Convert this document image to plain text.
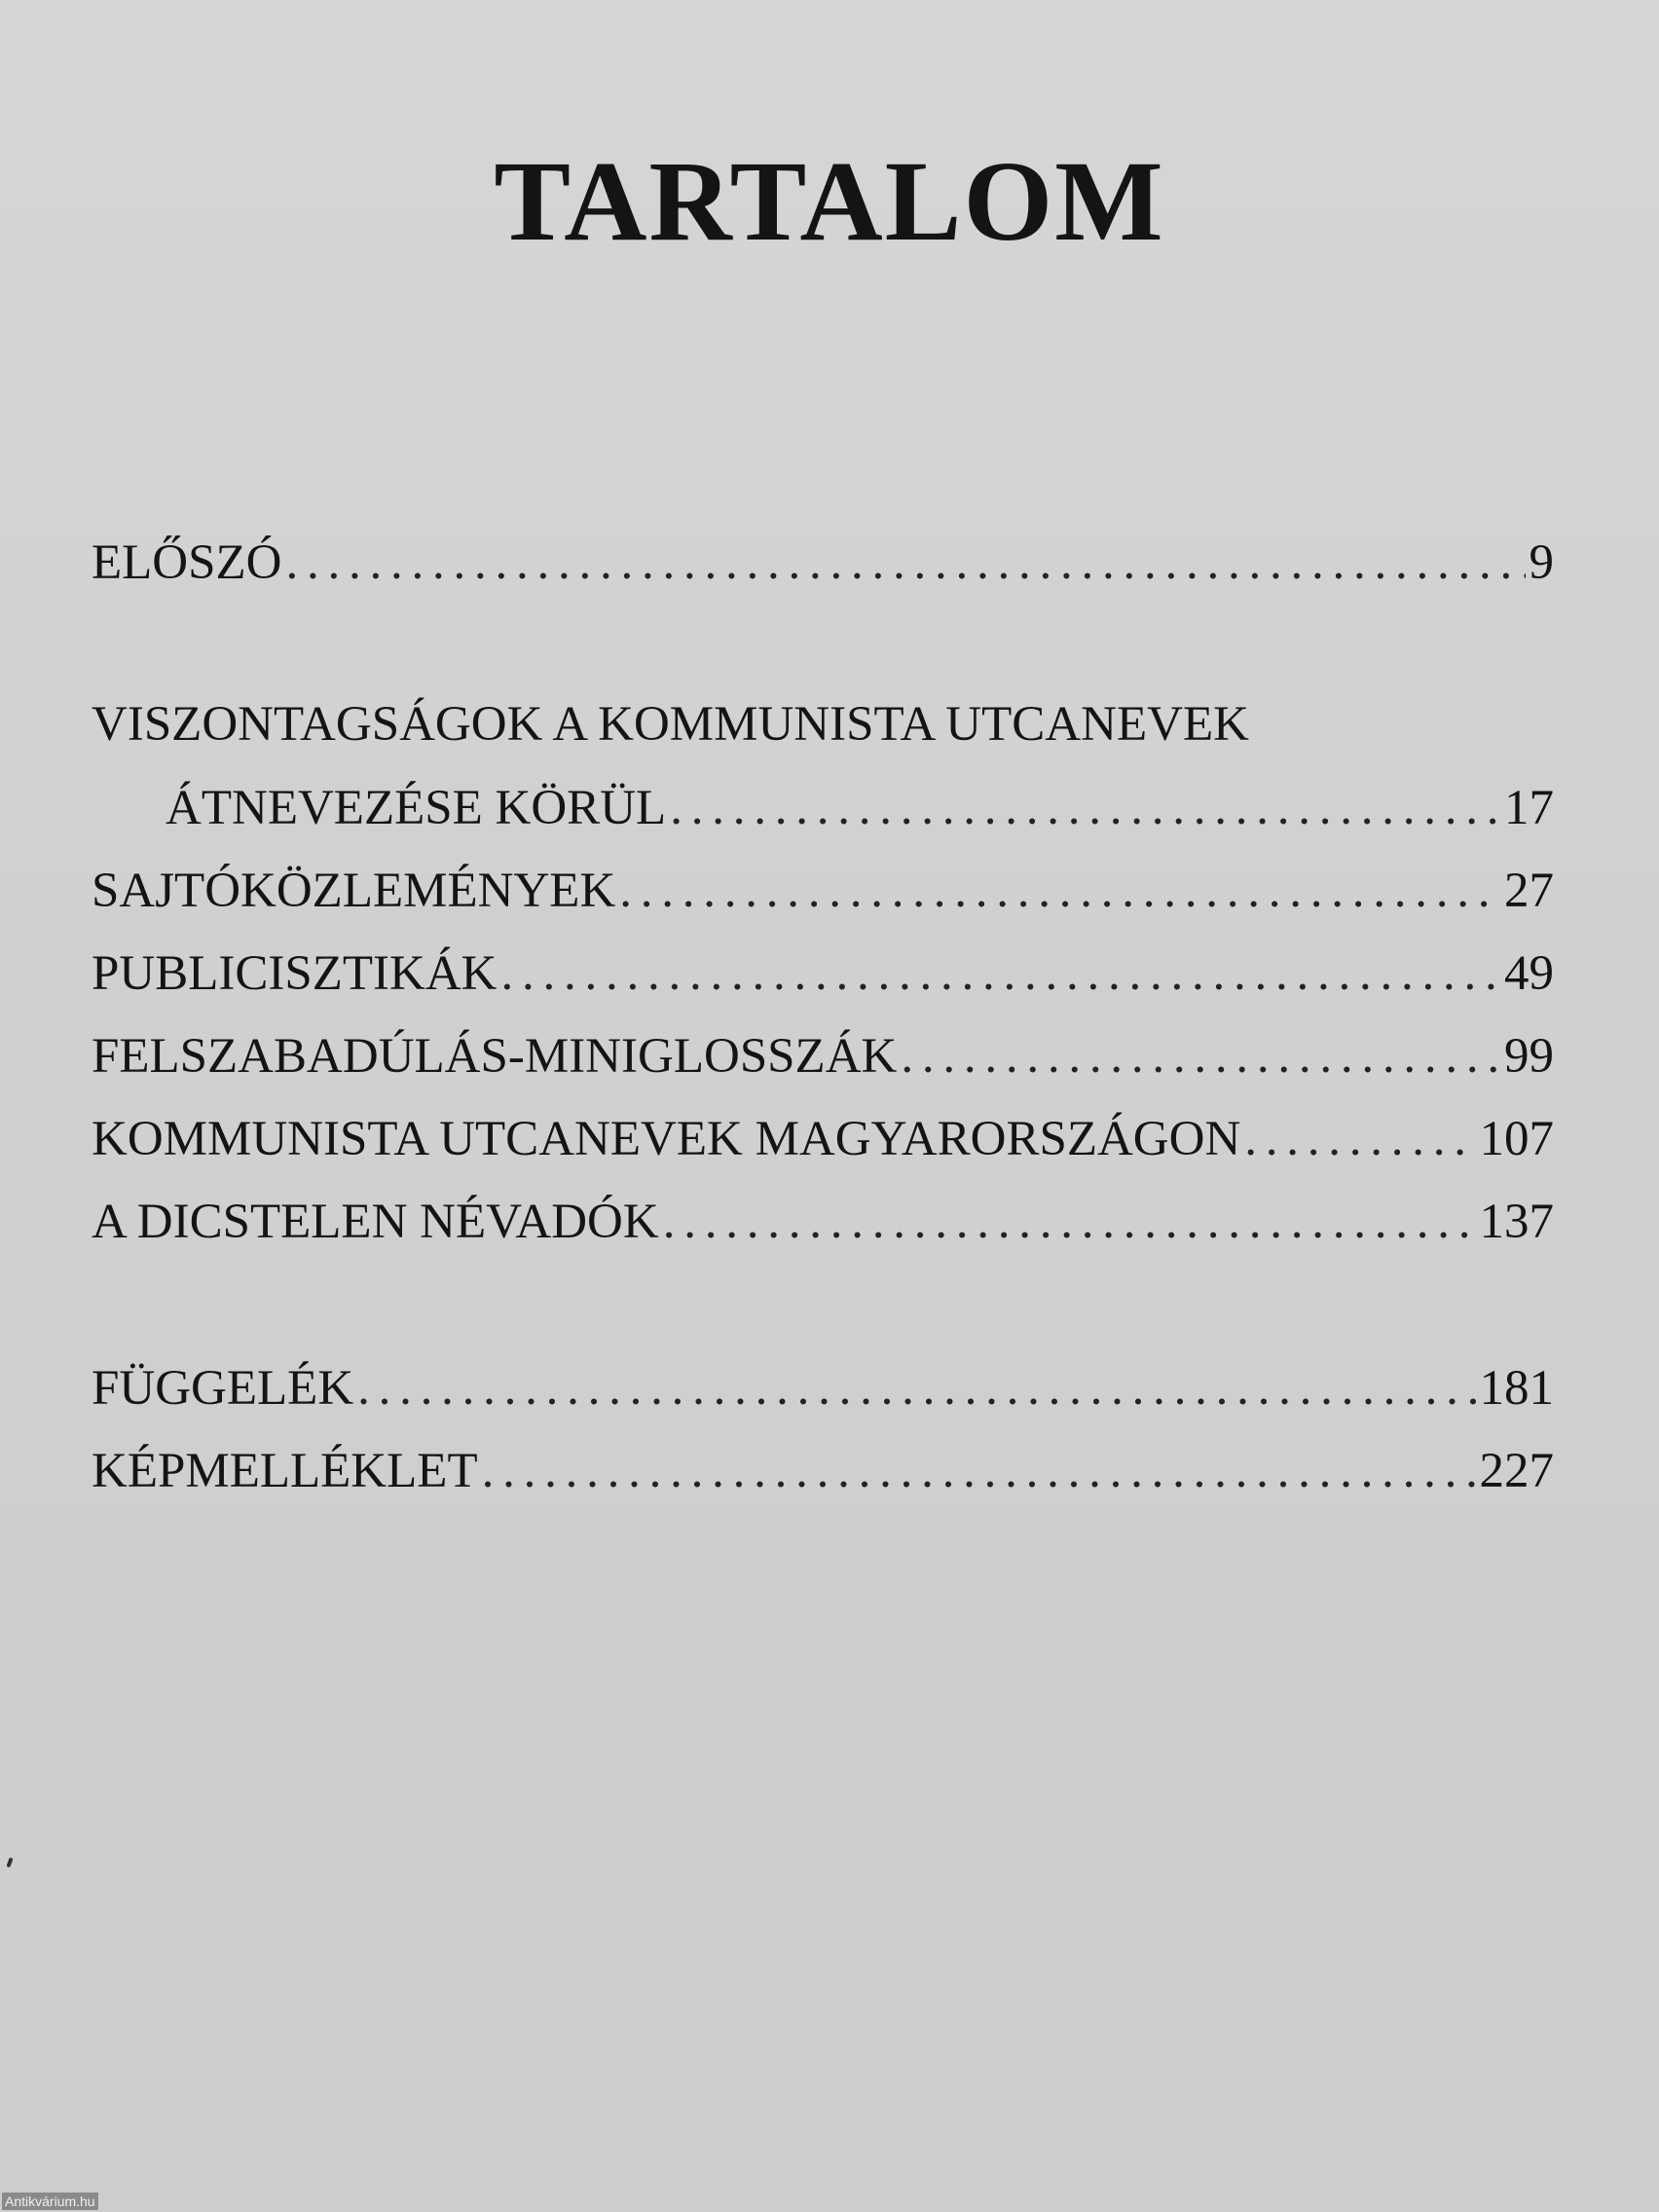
TARTALOM
ELŐSZÓ . . .	9
VISZONTAGSÁGOK A KOMMUNISTA UTCANEVEK
ÁTNEVEZÉSE KÖRÜL . . .	17
SAJTÓKÖZLEMÉNYEK . . .	27
PUBLICISZTIKÁK . . .	49
FELSZABADÚLÁS-MINIGLOSSZÁK . . .	99
KOMMUNISTA UTCANEVEK MAGYARORSZÁGON . . .	107
A DICSTELEN NÉVADÓK . . .	137
FÜGGELÉK . . .	181
KÉPMELLÉKLET . . .	227
Antikvárium.hu
